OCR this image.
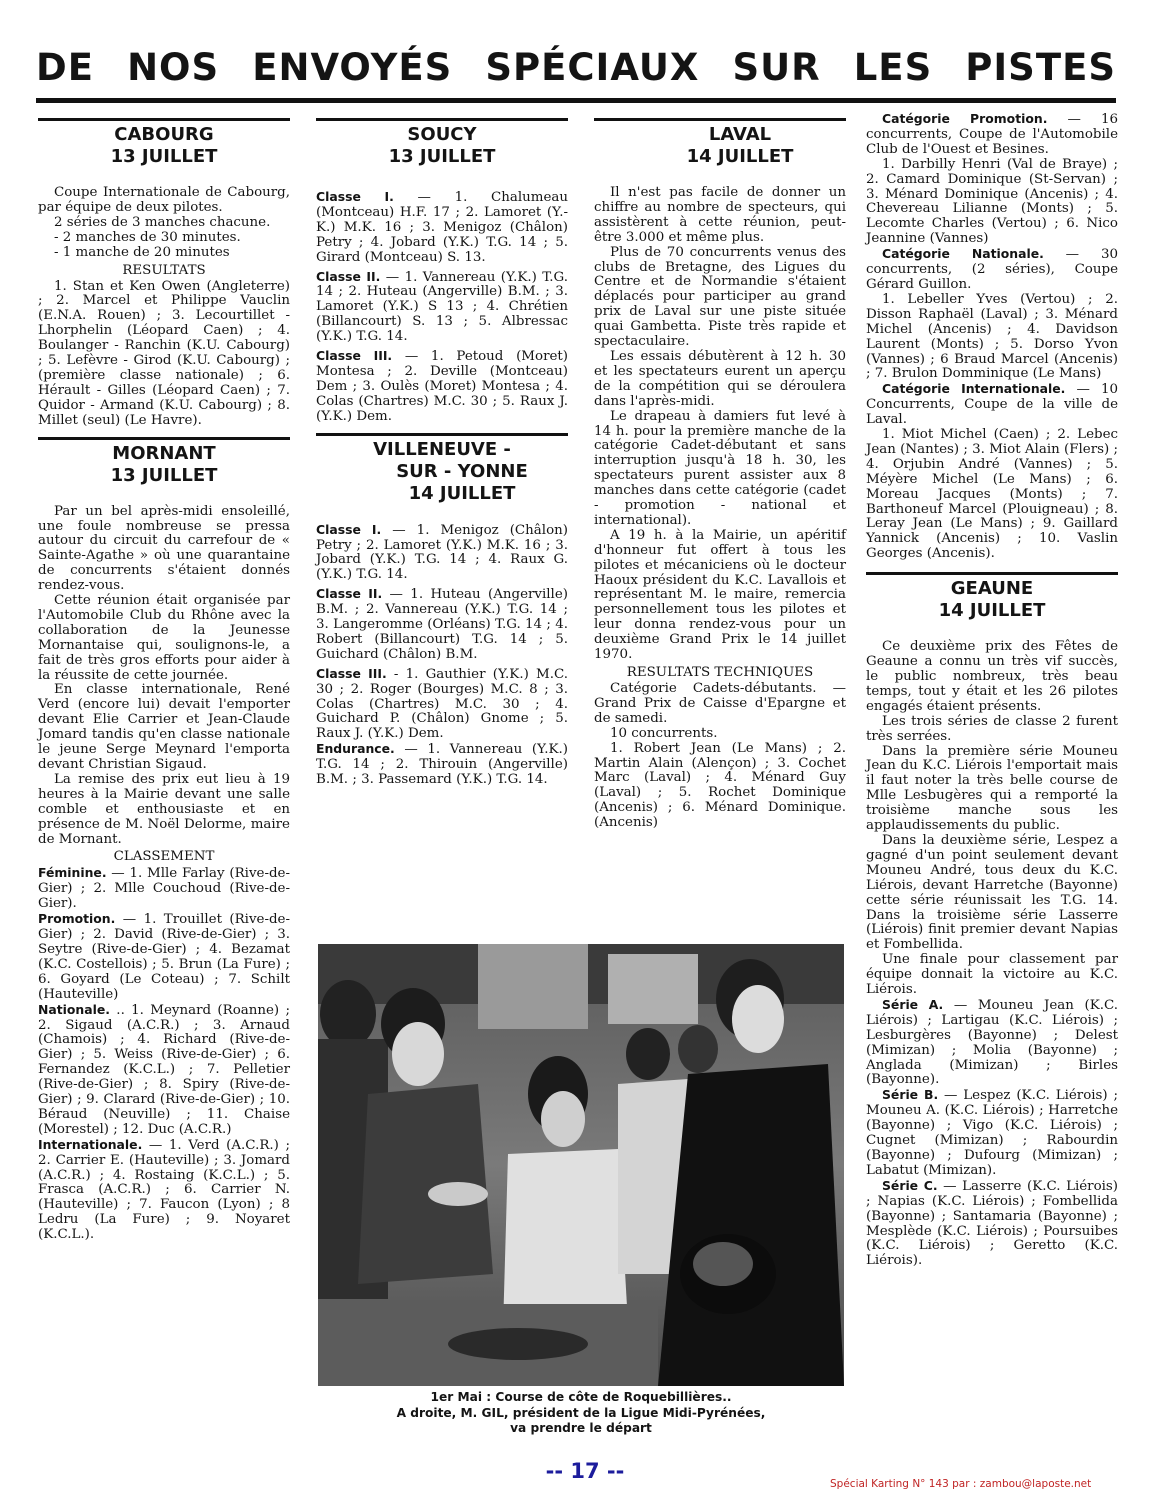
DE NOS ENVOYÉS SPÉCIAUX SUR LES PISTES
CABOURG
13 JUILLET

Coupe Internationale de Cabourg, par équipe de deux pilotes.

2 séries de 3 manches chacune.

- 2 manches de 30 minutes.

- 1 manche de 20 minutes

RESULTATS

1. Stan et Ken Owen (Angleterre) ; 2. Marcel et Philippe Vauclin (E.N.A. Rouen) ; 3. Lecourtillet - Lhorphelin (Léopard Caen) ; 4. Boulanger - Ranchin (K.U. Cabourg) ; 5. Lefèvre - Girod (K.U. Cabourg) ; (première classe nationale) ; 6. Hérault - Gilles (Léopard Caen) ; 7. Quidor - Armand (K.U. Cabourg) ; 8. Millet (seul) (Le Havre).

MORNANT
13 JUILLET

Par un bel après-midi ensoleillé, une foule nombreuse se pressa autour du circuit du carrefour de « Sainte-Agathe » où une quarantaine de concurrents s'étaient donnés rendez-vous.

Cette réunion était organisée par l'Automobile Club du Rhône avec la collaboration de la Jeunesse Mornantaise qui, soulignons-le, a fait de très gros efforts pour aider à la réussite de cette journée.

En classe internationale, René Verd (encore lui) devait l'emporter devant Elie Carrier et Jean-Claude Jomard tandis qu'en classe nationale le jeune Serge Meynard l'emporta devant Christian Sigaud.

La remise des prix eut lieu à 19 heures à la Mairie devant une salle comble et enthousiaste et en présence de M. Noël Delorme, maire de Mornant.

CLASSEMENT

Féminine. — 1. Mlle Farlay (Rive-de-Gier) ; 2. Mlle Couchoud (Rive-de-Gier).

Promotion. — 1. Trouillet (Rive-de-Gier) ; 2. David (Rive-de-Gier) ; 3. Seytre (Rive-de-Gier) ; 4. Bezamat (K.C. Costellois) ; 5. Brun (La Fure) ; 6. Goyard (Le Coteau) ; 7. Schilt (Hauteville)

Nationale. .. 1. Meynard (Roanne) ; 2. Sigaud (A.C.R.) ; 3. Arnaud (Chamois) ; 4. Richard (Rive-de-Gier) ; 5. Weiss (Rive-de-Gier) ; 6. Fernandez (K.C.L.) ; 7. Pelletier (Rive-de-Gier) ; 8. Spiry (Rive-de-Gier) ; 9. Clarard (Rive-de-Gier) ; 10. Béraud (Neuville) ; 11. Chaise (Morestel) ; 12. Duc (A.C.R.)

Internationale. — 1. Verd (A.C.R.) ; 2. Carrier E. (Hauteville) ; 3. Jomard (A.C.R.) ; 4. Rostaing (K.C.L.) ; 5. Frasca (A.C.R.) ; 6. Carrier N. (Hauteville) ; 7. Faucon (Lyon) ; 8 Ledru (La Fure) ; 9. Noyaret (K.C.L.).

SOUCY
13 JUILLET

Classe I. — 1. Chalumeau (Montceau) H.F. 17 ; 2. Lamoret (Y.-K.) M.K. 16 ; 3. Menigoz (Châlon) Petry ; 4. Jobard (Y.K.) T.G. 14 ; 5. Girard (Montceau) S. 13.

Classe II. — 1. Vannereau (Y.K.) T.G. 14 ; 2. Huteau (Angerville) B.M. ; 3. Lamoret (Y.K.) S 13 ; 4. Chrétien (Billancourt) S. 13 ; 5. Albressac (Y.K.) T.G. 14.

Classe III. — 1. Petoud (Moret) Montesa ; 2. Deville (Montceau) Dem ; 3. Oulès (Moret) Montesa ; 4. Colas (Chartres) M.C. 30 ; 5. Raux J. (Y.K.) Dem.

VILLENEUVE -
SUR - YONNE
14 JUILLET

Classe I. — 1. Menigoz (Châlon) Petry ; 2. Lamoret (Y.K.) M.K. 16 ; 3. Jobard (Y.K.) T.G. 14 ; 4. Raux G. (Y.K.) T.G. 14.

Classe II. — 1. Huteau (Angerville) B.M. ; 2. Vannereau (Y.K.) T.G. 14 ; 3. Langeromme (Orléans) T.G. 14 ; 4. Robert (Billancourt) T.G. 14 ; 5. Guichard (Châlon) B.M.

Classe III. - 1. Gauthier (Y.K.) M.C. 30 ; 2. Roger (Bourges) M.C. 8 ; 3. Colas (Chartres) M.C. 30 ; 4. Guichard P. (Châlon) Gnome ; 5. Raux J. (Y.K.) Dem.

Endurance. — 1. Vannereau (Y.K.) T.G. 14 ; 2. Thirouin (Angerville) B.M. ; 3. Passemard (Y.K.) T.G. 14.

LAVAL
14 JUILLET

Il n'est pas facile de donner un chiffre au nombre de specteurs, qui assistèrent à cette réunion, peut-être 3.000 et même plus.

Plus de 70 concurrents venus des clubs de Bretagne, des Ligues du Centre et de Normandie s'étaient déplacés pour participer au grand prix de Laval sur une piste située quai Gambetta. Piste très rapide et spectaculaire.

Les essais débutèrent à 12 h. 30 et les spectateurs eurent un aperçu de la compétition qui se déroulera dans l'après-midi.

Le drapeau à damiers fut levé à 14 h. pour la première manche de la catégorie Cadet-débutant et sans interruption jusqu'à 18 h. 30, les spectateurs purent assister aux 8 manches dans cette catégorie (cadet - promotion - national et international).

A 19 h. à la Mairie, un apéritif d'honneur fut offert à tous les pilotes et mécaniciens où le docteur Haoux président du K.C. Lavallois et représentant M. le maire, remercia personnellement tous les pilotes et leur donna rendez-vous pour un deuxième Grand Prix le 14 juillet 1970.

RESULTATS TECHNIQUES

Catégorie Cadets-débutants. — Grand Prix de Caisse d'Epargne et de samedi.

10 concurrents.

1. Robert Jean (Le Mans) ; 2. Martin Alain (Alençon) ; 3. Cochet Marc (Laval) ; 4. Ménard Guy (Laval) ; 5. Rochet Dominique (Ancenis) ; 6. Ménard Dominique. (Ancenis)

Catégorie Promotion. — 16 concurrents, Coupe de l'Automobile Club de l'Ouest et Besines.

1. Darbilly Henri (Val de Braye) ; 2. Camard Dominique (St-Servan) ; 3. Ménard Dominique (Ancenis) ; 4. Chevereau Lilianne (Monts) ; 5. Lecomte Charles (Vertou) ; 6. Nico Jeannine (Vannes)

Catégorie Nationale. — 30 concurrents, (2 séries), Coupe Gérard Guillon.

1. Lebeller Yves (Vertou) ; 2. Disson Raphaël (Laval) ; 3. Ménard Michel (Ancenis) ; 4. Davidson Laurent (Monts) ; 5. Dorso Yvon (Vannes) ; 6 Braud Marcel (Ancenis) ; 7. Brulon Domminique (Le Mans)

Catégorie Internationale. — 10 Concurrents, Coupe de la ville de Laval.

1. Miot Michel (Caen) ; 2. Lebec Jean (Nantes) ; 3. Miot Alain (Flers) ; 4. Orjubin André (Vannes) ; 5. Méyère Michel (Le Mans) ; 6. Moreau Jacques (Monts) ; 7. Barthoneuf Marcel (Plouigneau) ; 8. Leray Jean (Le Mans) ; 9. Gaillard Yannick (Ancenis) ; 10. Vaslin Georges (Ancenis).

GEAUNE
14 JUILLET

Ce deuxième prix des Fêtes de Geaune a connu un très vif succès, le public nombreux, très beau temps, tout y était et les 26 pilotes engagés étaient présents.

Les trois séries de classe 2 furent très serrées.

Dans la première série Mouneu Jean du K.C. Liérois l'emportait mais il faut noter la très belle course de Mlle Lesbugères qui a remporté la troisième manche sous les applaudissements du public.

Dans la deuxième série, Lespez a gagné d'un point seulement devant Mouneu André, tous deux du K.C. Liérois, devant Harretche (Bayonne) cette série réunissait les T.G. 14. Dans la troisième série Lasserre (Liérois) finit premier devant Napias et Fombellida.

Une finale pour classement par équipe donnait la victoire au K.C. Liérois.

Série A. — Mouneu Jean (K.C. Liérois) ; Lartigau (K.C. Liérois) ; Lesburgères (Bayonne) ; Delest (Mimizan) ; Molia (Bayonne) ; Anglada (Mimizan) ; Birles (Bayonne).

Série B. — Lespez (K.C. Liérois) ; Mouneu A. (K.C. Liérois) ; Harretche (Bayonne) ; Vigo (K.C. Liérois) ; Cugnet (Mimizan) ; Rabourdin (Bayonne) ; Dufourg (Mimizan) ; Labatut (Mimizan).

Série C. — Lasserre (K.C. Liérois) ; Napias (K.C. Liérois) ; Fombellida (Bayonne) ; Santamaria (Bayonne) ; Mesplède (K.C. Liérois) ; Poursuibes (K.C. Liérois) ; Geretto (K.C. Liérois).

1er Mai : Course de côte de Roquebillières..
A droite, M. GIL, président de la Ligue Midi-Pyrénées,
va prendre le départ
-- 17 --
Spécial Karting N° 143 par : zambou@laposte.net
